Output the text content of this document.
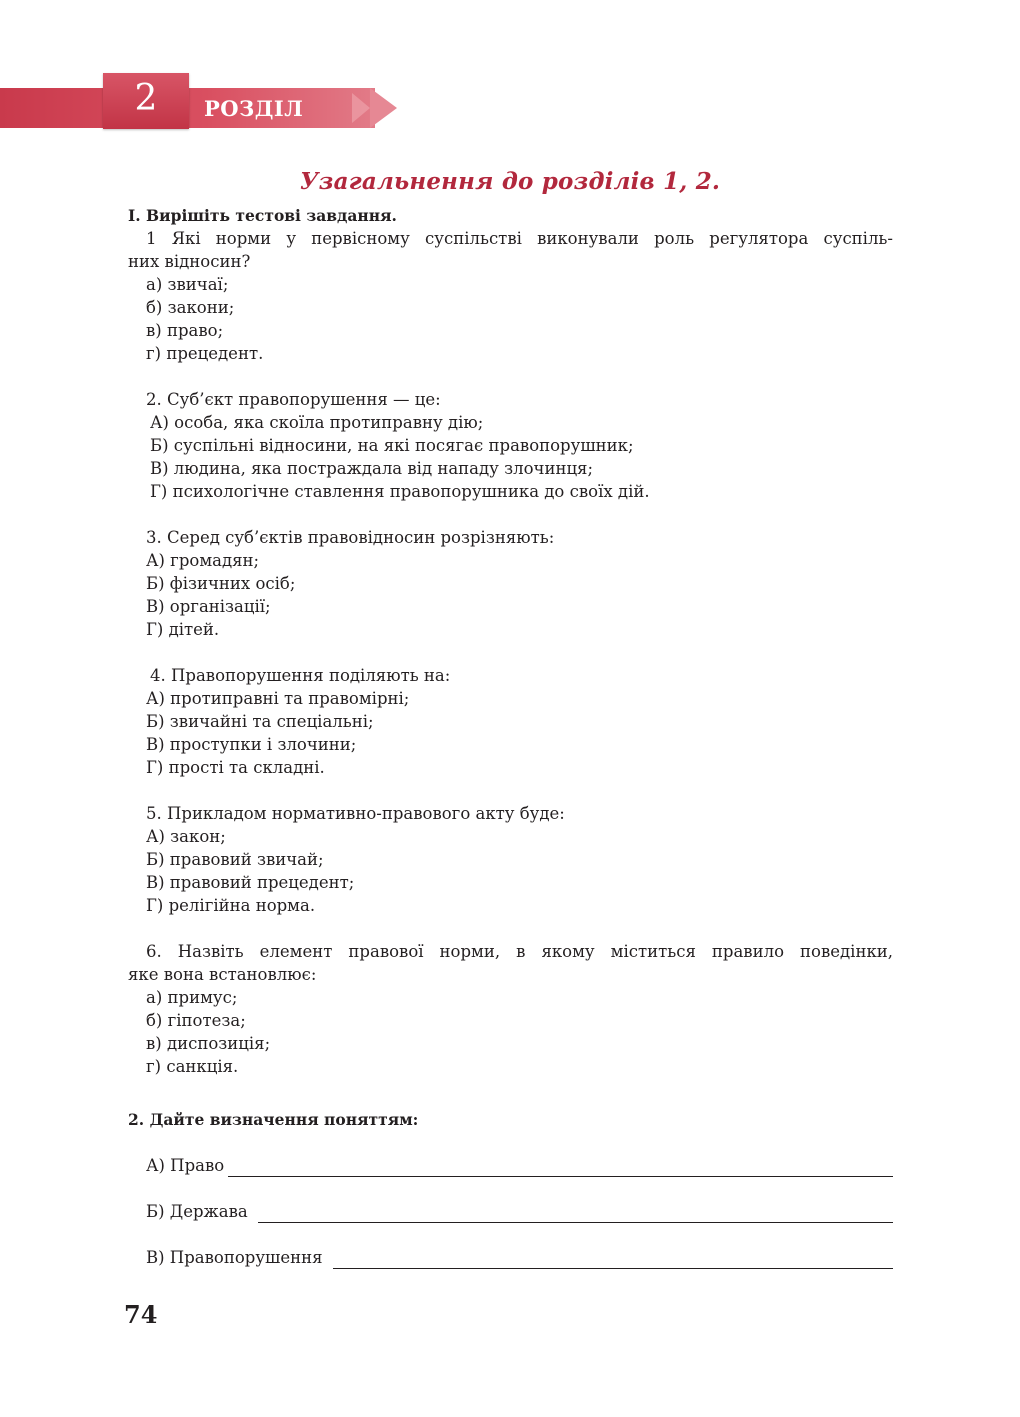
2	РОЗДІЛ
Узагальнення до розділів 1, 2.
І. Вирішіть тестові завдання.
1 Які норми у первісному суспільстві виконували роль регулятора суспіль-
них відносин?
а) звичаї;
б) закони;
в) право;
г) прецедент.
2. Суб’єкт правопорушення — це:
А) особа, яка скоїла протиправну дію;
Б) суспільні відносини, на які посягає правопорушник;
В) людина, яка постраждала від нападу злочинця;
Г) психологічне ставлення правопорушника до своїх дій.
3. Серед суб’єктів правовідносин розрізняють:
А) громадян;
Б) фізичних осіб;
В) організації;
Г) дітей.
4. Правопорушення поділяють на:
А) протиправні та правомірні;
Б) звичайні та спеціальні;
В) проступки і злочини;
Г) прості та складні.
5. Прикладом нормативно-правового акту буде:
А) закон;
Б) правовий звичай;
В) правовий прецедент;
Г) релігійна норма.
6. Назвіть елемент правової норми, в якому міститься правило поведінки,
яке вона встановлює:
а) примус;
б) гіпотеза;
в) диспозиція;
г) санкція.
2. Дайте визначення поняттям:
А) Право
Б) Держава
В) Правопорушення
74
